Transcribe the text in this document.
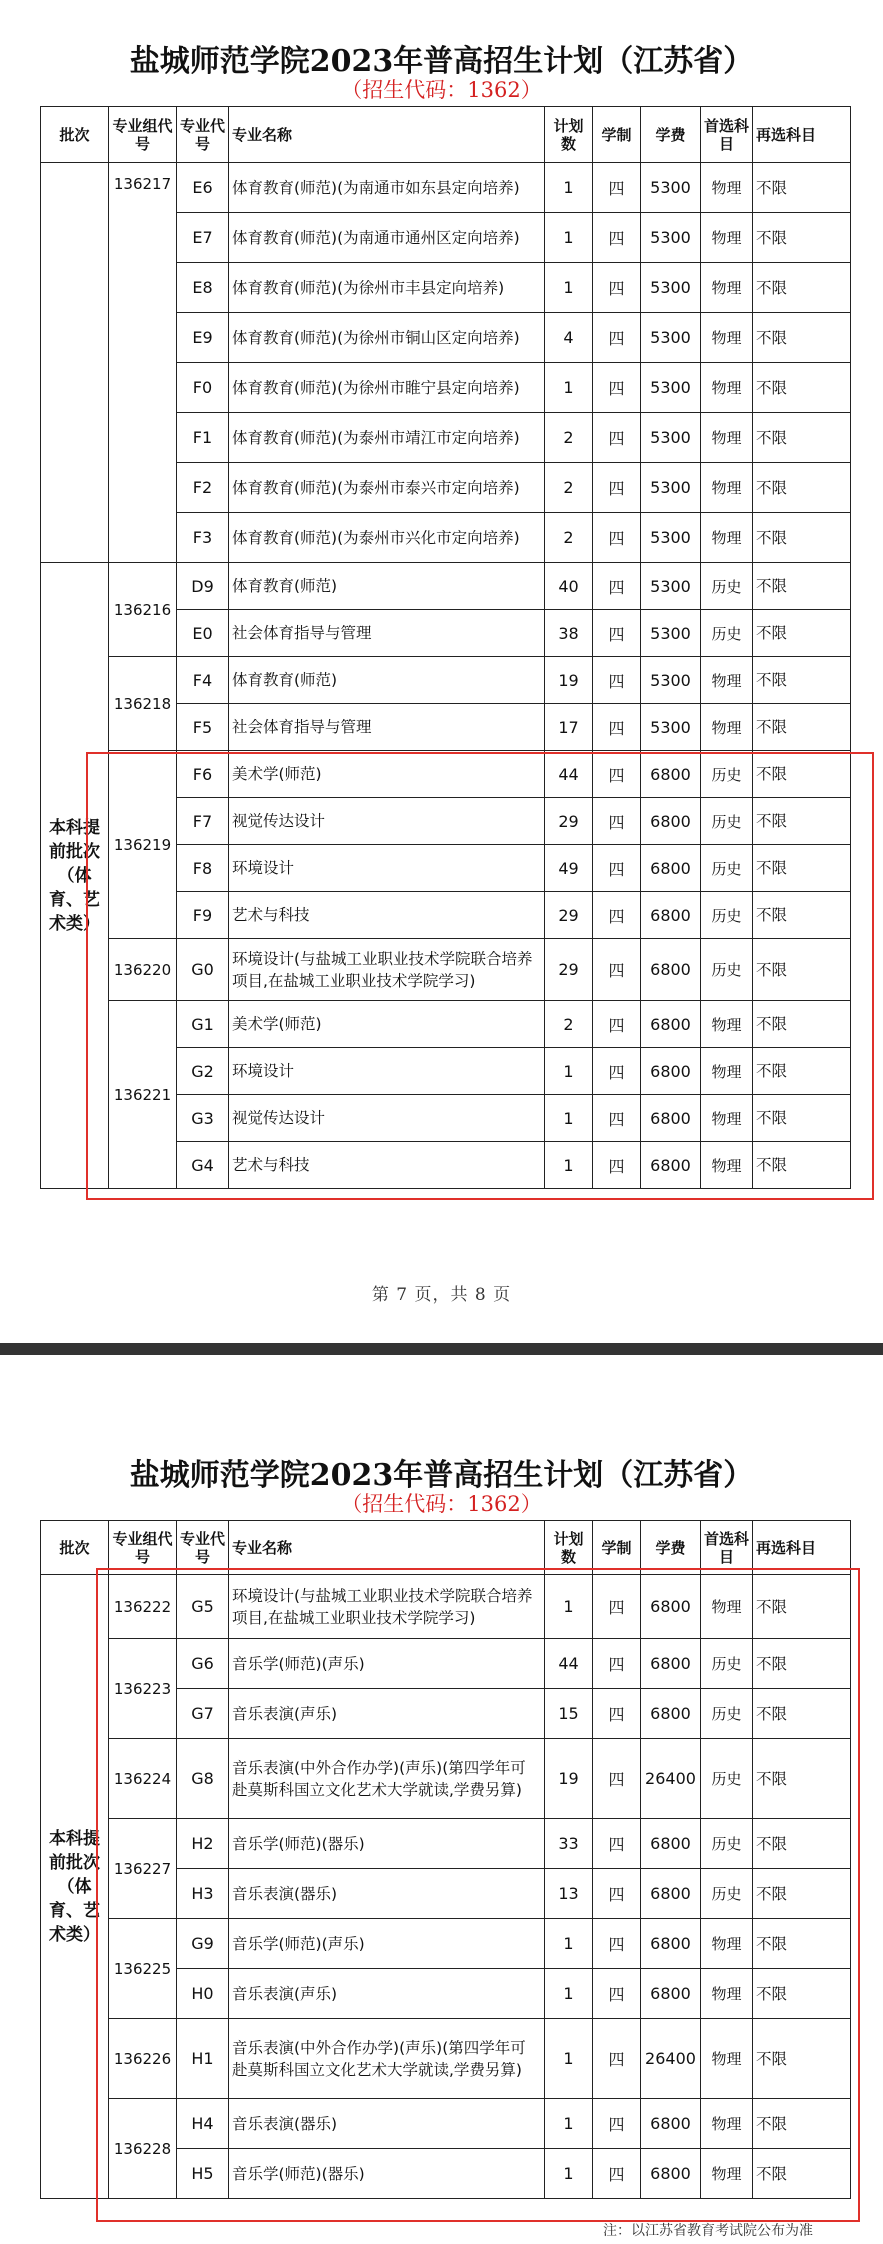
盐城师范学院2023年普高招生计划（江苏省）
（招生代码：1362）
批次	专业组代号	专业代号	专业名称	计划数	学制	学费	首选科目	再选科目
	136217	E6	体育教育(师范)(为南通市如东县定向培养)	1	四	5300	物理	不限
		E7	体育教育(师范)(为南通市通州区定向培养)	1	四	5300	物理	不限
		E8	体育教育(师范)(为徐州市丰县定向培养)	1	四	5300	物理	不限
		E9	体育教育(师范)(为徐州市铜山区定向培养)	4	四	5300	物理	不限
		F0	体育教育(师范)(为徐州市睢宁县定向培养)	1	四	5300	物理	不限
		F1	体育教育(师范)(为泰州市靖江市定向培养)	2	四	5300	物理	不限
		F2	体育教育(师范)(为泰州市泰兴市定向培养)	2	四	5300	物理	不限
		F3	体育教育(师范)(为泰州市兴化市定向培养)	2	四	5300	物理	不限
本科提前批次（体育、艺术类）	136216	D9	体育教育(师范)	40	四	5300	历史	不限
		E0	社会体育指导与管理	38	四	5300	历史	不限
	136218	F4	体育教育(师范)	19	四	5300	物理	不限
		F5	社会体育指导与管理	17	四	5300	物理	不限
	136219	F6	美术学(师范)	44	四	6800	历史	不限
		F7	视觉传达设计	29	四	6800	历史	不限
		F8	环境设计	49	四	6800	历史	不限
		F9	艺术与科技	29	四	6800	历史	不限
	136220	G0	环境设计(与盐城工业职业技术学院联合培养项目,在盐城工业职业技术学院学习)	29	四	6800	历史	不限
	136221	G1	美术学(师范)	2	四	6800	物理	不限
		G2	环境设计	1	四	6800	物理	不限
		G3	视觉传达设计	1	四	6800	物理	不限
		G4	艺术与科技	1	四	6800	物理	不限
第 7 页，共 8 页
盐城师范学院2023年普高招生计划（江苏省）
（招生代码：1362）
批次	专业组代号	专业代号	专业名称	计划数	学制	学费	首选科目	再选科目
本科提前批次（体育、艺术类）	136222	G5	环境设计(与盐城工业职业技术学院联合培养项目,在盐城工业职业技术学院学习)	1	四	6800	物理	不限
	136223	G6	音乐学(师范)(声乐)	44	四	6800	历史	不限
		G7	音乐表演(声乐)	15	四	6800	历史	不限
	136224	G8	音乐表演(中外合作办学)(声乐)(第四学年可赴莫斯科国立文化艺术大学就读,学费另算)	19	四	26400	历史	不限
	136227	H2	音乐学(师范)(器乐)	33	四	6800	历史	不限
		H3	音乐表演(器乐)	13	四	6800	历史	不限
	136225	G9	音乐学(师范)(声乐)	1	四	6800	物理	不限
		H0	音乐表演(声乐)	1	四	6800	物理	不限
	136226	H1	音乐表演(中外合作办学)(声乐)(第四学年可赴莫斯科国立文化艺术大学就读,学费另算)	1	四	26400	物理	不限
	136228	H4	音乐表演(器乐)	1	四	6800	物理	不限
		H5	音乐学(师范)(器乐)	1	四	6800	物理	不限
注：以江苏省教育考试院公布为准
